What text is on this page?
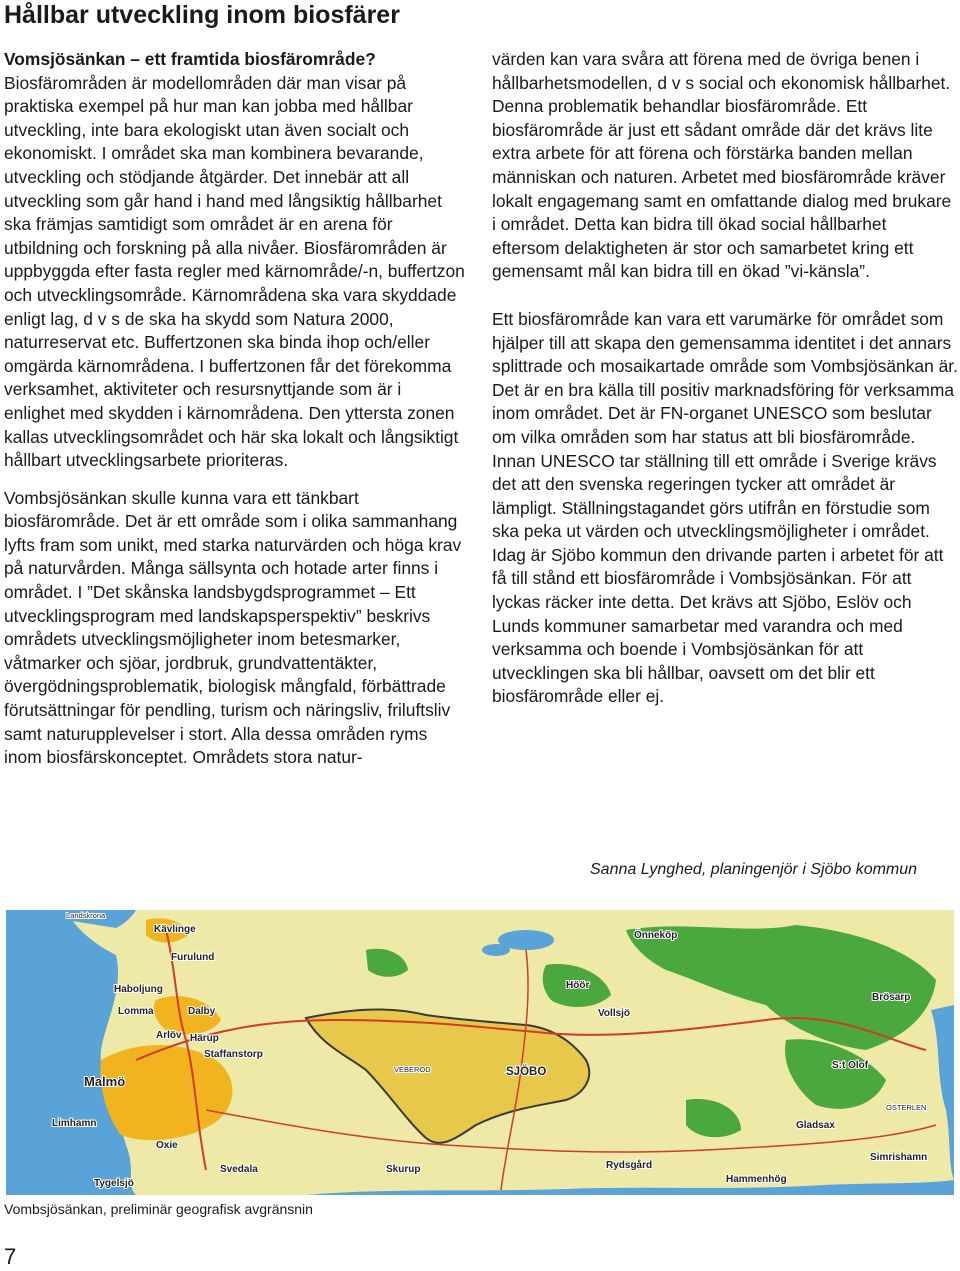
Hållbar utveckling inom biosfärer

Vomsjösänkan – ett framtida biosfärområde?

Biosfärområden är modellområden där man visar på praktiska exempel på hur man kan jobba med hållbar utveckling, inte bara ekologiskt utan även socialt och ekonomiskt. I området ska man kombinera bevarande, utveckling och stödjande åtgärder. Det innebär att all utveckling som går hand i hand med långsiktig hållbarhet ska främjas samtidigt som området är en arena för utbildning och forskning på alla nivåer. Biosfärområden är uppbyggda efter fasta regler med kärnområde/-n, buffertzon och utvecklingsområde. Kärnområdena ska vara skyddade enligt lag, d v s de ska ha skydd som Natura 2000, naturreservat etc. Buffertzonen ska binda ihop och/eller omgärda kärnområdena. I buffertzonen får det förekomma verksamhet, aktiviteter och resursnyttjande som är i enlighet med skydden i kärnområdena. Den yttersta zonen kallas utvecklingsområdet och här ska lokalt och långsiktigt hållbart utvecklingsarbete prioriteras.

Vombsjösänkan skulle kunna vara ett tänkbart biosfärområde. Det är ett område som i olika sammanhang lyfts fram som unikt, med starka naturvärden och höga krav på naturvården. Många sällsynta och hotade arter finns i området. I ”Det skånska landsbygdsprogrammet – Ett utvecklingsprogram med landskapsperspektiv” beskrivs områdets utvecklingsmöjligheter inom betesmarker, våtmarker och sjöar, jordbruk, grundvattentäkter, övergödningsproblematik, biologisk mångfald, förbättrade förutsättningar för pendling, turism och näringsliv, friluftsliv samt naturupplevelser i stort. Alla dessa områden ryms inom biosfärskonceptet. Områdets stora natur-

värden kan vara svåra att förena med de övriga benen i hållbarhetsmodellen, d v s social och ekonomisk hållbarhet. Denna problematik behandlar biosfärområde. Ett biosfärområde är just ett sådant område där det krävs lite extra arbete för att förena och förstärka banden mellan människan och naturen. Arbetet med biosfärområde kräver lokalt engagemang samt en omfattande dialog med brukare i området. Detta kan bidra till ökad social hållbarhet eftersom delaktigheten är stor och samarbetet kring ett gemensamt mål kan bidra till en ökad ”vi-känsla”.

Ett biosfärområde kan vara ett varumärke för området som hjälper till att skapa den gemensamma identitet i det annars splittrade och mosaikartade område som Vombsjösänkan är. Det är en bra källa till positiv marknadsföring för verksamma inom området. Det är FN-organet UNESCO som beslutar om vilka områden som har status att bli biosfärområde. Innan UNESCO tar ställning till ett område i Sverige krävs det att den svenska regeringen tycker att området är lämpligt. Ställningstagandet görs utifrån en förstudie som ska peka ut värden och utvecklingsmöjligheter i området. Idag är Sjöbo kommun den drivande parten i arbetet för att få till stånd ett biosfärområde i Vombsjösänkan. För att lyckas räcker inte detta. Det krävs att Sjöbo, Eslöv och Lunds kommuner samarbetar med varandra och med verksamma och boende i Vombsjösänkan för att utvecklingen ska bli hållbar, oavsett om det blir ett biosfärområde eller ej.

Sanna Lynghed, planingenjör i Sjöbo kommun
Landskrona
Kävlinge
Furulund
Haboljung
Lomma	Dalby
Arlöv Härup
Staffanstorp
Malmö
Limhamn
Oxie
Svedala
Tygelsjö
VEBEROD	SJÖBO
Önneköp
Höör
Vollsjö
Brösarp
S:t Olof
Gladsax
Simrishamn
ÖSTERLEN
Skurup	Rydsgård
Hammenhög
Vombsjösänkan, preliminär geografisk avgränsnin
7
